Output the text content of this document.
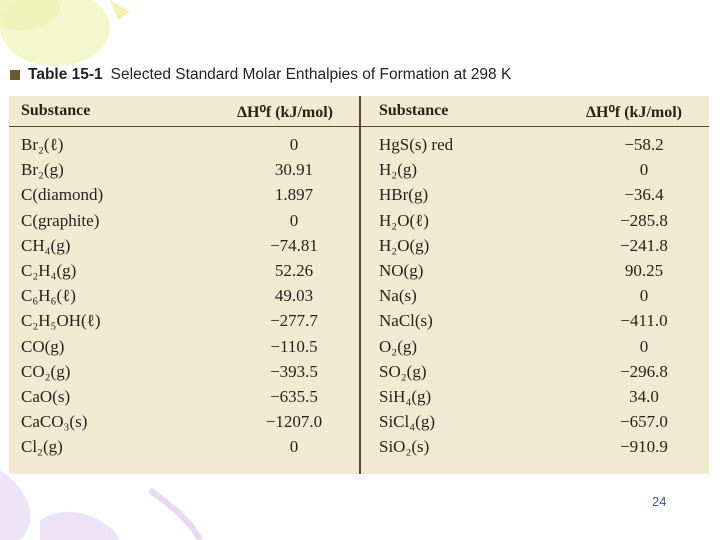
Table 15-1 Selected Standard Molar Enthalpies of Formation at 298 K
Substance	ΔH⁰f (kJ/mol)	Substance	ΔH⁰f (kJ/mol)
Br₂(ℓ)	0	HgS(s) red	−58.2
Br₂(g)	30.91	H₂(g)	0
C(diamond)	1.897	HBr(g)	−36.4
C(graphite)	0	H₂O(ℓ)	−285.8
CH₄(g)	−74.81	H₂O(g)	−241.8
C₂H₄(g)	52.26	NO(g)	90.25
C₆H₆(ℓ)	49.03	Na(s)	0
C₂H₅OH(ℓ)	−277.7	NaCl(s)	−411.0
CO(g)	−110.5	O₂(g)	0
CO₂(g)	−393.5	SO₂(g)	−296.8
CaO(s)	−635.5	SiH₄(g)	34.0
CaCO₃(s)	−1207.0	SiCl₄(g)	−657.0
Cl₂(g)	0	SiO₂(s)	−910.9
24
